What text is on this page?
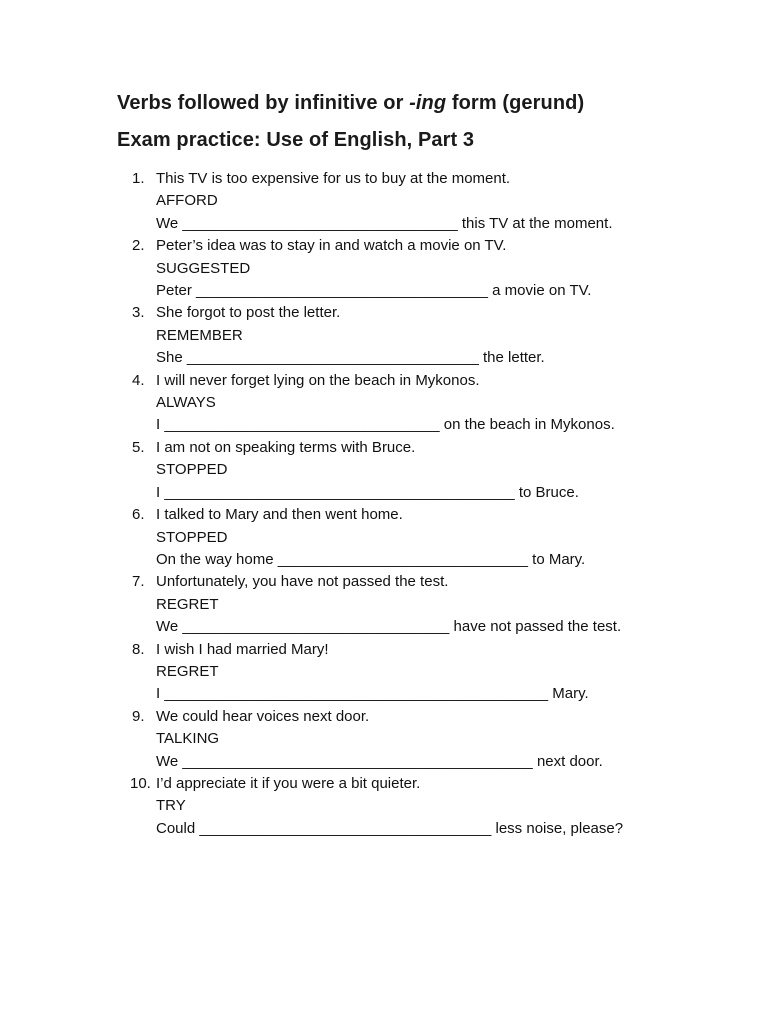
Verbs followed by infinitive or -ing form (gerund)
Exam practice: Use of English, Part 3
1. This TV is too expensive for us to buy at the moment.
AFFORD
We _________________________________ this TV at the moment.
2. Peter’s idea was to stay in and watch a movie on TV.
SUGGESTED
Peter ___________________________________ a movie on TV.
3. She forgot to post the letter.
REMEMBER
She ___________________________________ the letter.
4. I will never forget lying on the beach in Mykonos.
ALWAYS
I _________________________________ on the beach in Mykonos.
5. I am not on speaking terms with Bruce.
STOPPED
I __________________________________________ to Bruce.
6. I talked to Mary and then went home.
STOPPED
On the way home ______________________________ to Mary.
7. Unfortunately, you have not passed the test.
REGRET
We ________________________________ have not passed the test.
8. I wish I had married Mary!
REGRET
I ______________________________________________ Mary.
9. We could hear voices next door.
TALKING
We __________________________________________ next door.
10. I’d appreciate it if you were a bit quieter.
TRY
Could ___________________________________ less noise, please?
